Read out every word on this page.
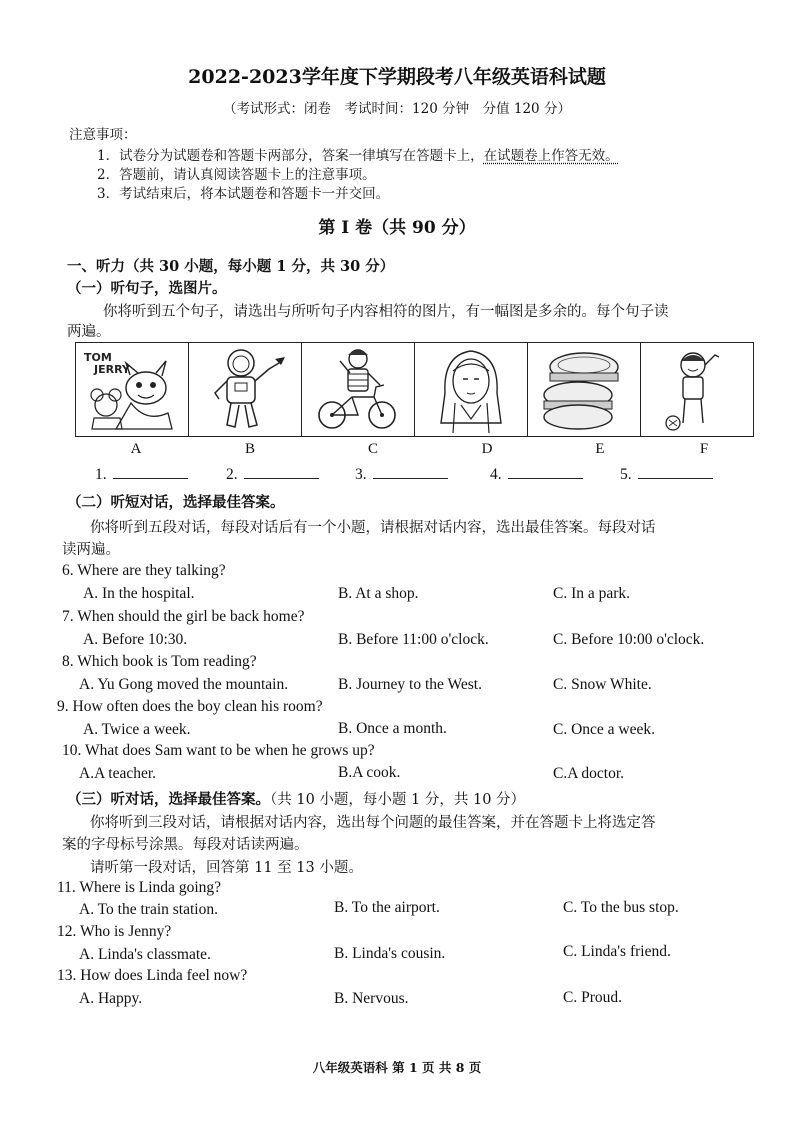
2022-2023学年度下学期段考八年级英语科试题
（考试形式：闭卷　考试时间：120 分钟　分值 120 分）
注意事项：
1．试卷分为试题卷和答题卡两部分，答案一律填写在答题卡上，在试题卷上作答无效。
2．答题前，请认真阅读答题卡上的注意事项。
3．考试结束后，将本试题卷和答题卡一并交回。
第 I 卷（共 90 分）
一、听力（共 30 小题，每小题 1 分，共 30 分）
（一）听句子，选图片。
你将听到五个句子，请选出与所听句子内容相符的图片，有一幅图是多余的。每个句子读
两遍。
TOM
JERRY
A	B	C	D	E	F
1.	2.	3.	4.	5.
（二）听短对话，选择最佳答案。
你将听到五段对话，每段对话后有一个小题，请根据对话内容，选出最佳答案。每段对话
读两遍。
6. Where are they talking?
A. In the hospital.	B. At a shop.	C. In a park.
7. When should the girl be back home?
A. Before 10:30.	B. Before 11:00 o'clock.	C. Before 10:00 o'clock.
8. Which book is Tom reading?
A. Yu Gong moved the mountain.	B. Journey to the West.	C. Snow White.
9. How often does the boy clean his room?
A. Twice a week.	B. Once a month.	C. Once a week.
10. What does Sam want to be when he grows up?
A.A teacher.	B.A cook.	C.A doctor.
（三）听对话，选择最佳答案。（共 10 小题，每小题 1 分，共 10 分）
你将听到三段对话，请根据对话内容，选出每个问题的最佳答案，并在答题卡上将选定答
案的字母标号涂黑。每段对话读两遍。
请听第一段对话，回答第 11 至 13 小题。
11. Where is Linda going?
A. To the train station.	B. To the airport.	C. To the bus stop.
12. Who is Jenny?
A. Linda's classmate.	B. Linda's cousin.	C. Linda's friend.
13. How does Linda feel now?
A. Happy.	B. Nervous.	C. Proud.
八年级英语科 第 1 页 共 8 页
